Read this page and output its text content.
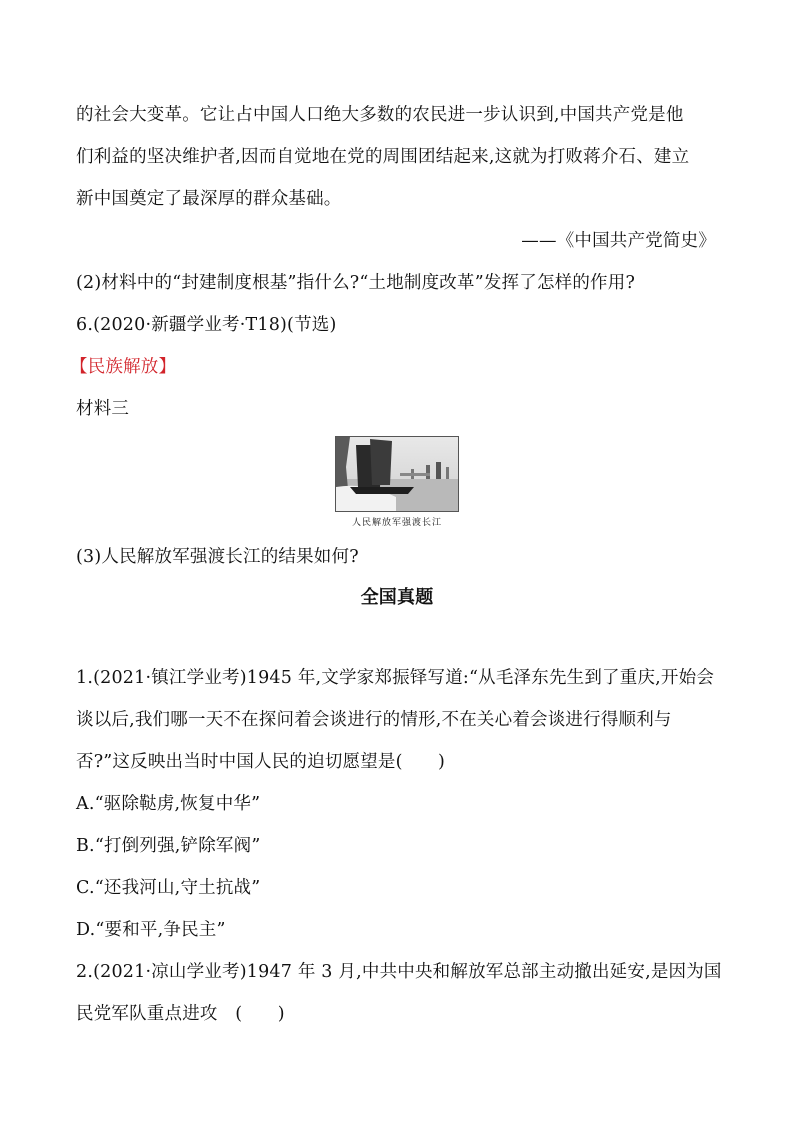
的社会大变革。它让占中国人口绝大多数的农民进一步认识到,中国共产党是他
们利益的坚决维护者,因而自觉地在党的周围团结起来,这就为打败蒋介石、建立
新中国奠定了最深厚的群众基础。
——《中国共产党简史》
(2)材料中的“封建制度根基”指什么?“土地制度改革”发挥了怎样的作用?
6.(2020·新疆学业考·T18)(节选)
【民族解放】
材料三
人民解放军强渡长江
(3)人民解放军强渡长江的结果如何?
全国真题
1.(2021·镇江学业考)1945 年,文学家郑振铎写道:“从毛泽东先生到了重庆,开始会
谈以后,我们哪一天不在探问着会谈进行的情形,不在关心着会谈进行得顺利与
否?”这反映出当时中国人民的迫切愿望是(　　)
A.“驱除鞑虏,恢复中华”
B.“打倒列强,铲除军阀”
C.“还我河山,守土抗战”
D.“要和平,争民主”
2.(2021·凉山学业考)1947 年 3 月,中共中央和解放军总部主动撤出延安,是因为国
民党军队重点进攻　(　　)
